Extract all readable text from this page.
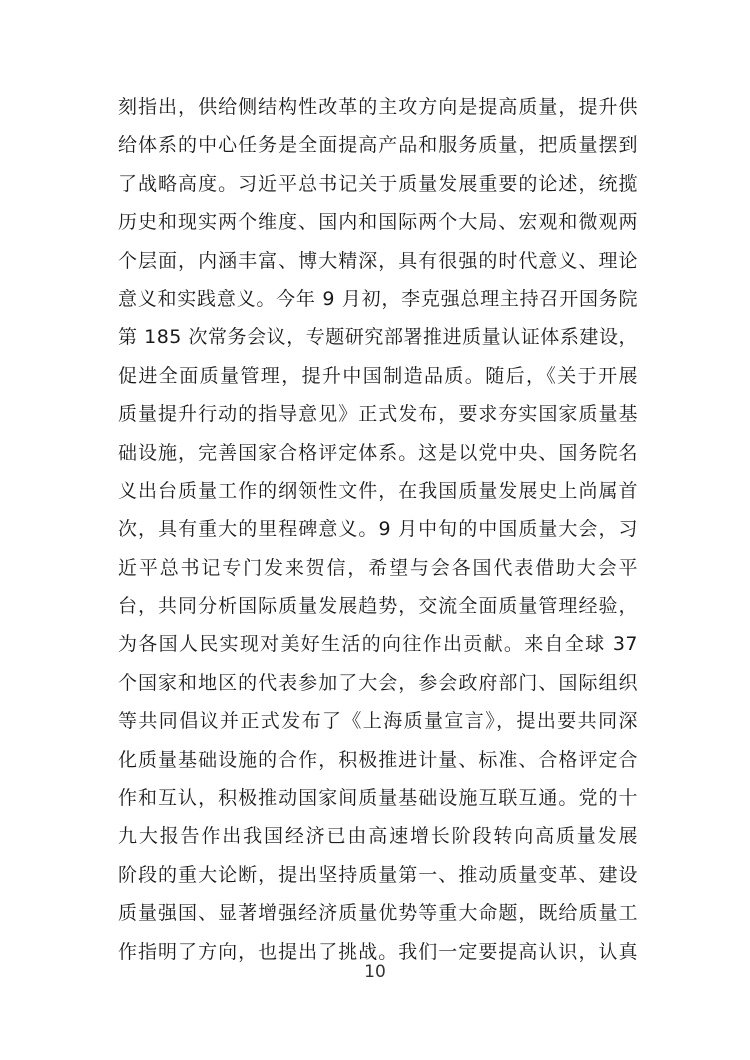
刻指出，供给侧结构性改革的主攻方向是提高质量，提升供
给体系的中心任务是全面提高产品和服务质量，把质量摆到
了战略高度。习近平总书记关于质量发展重要的论述，统揽
历史和现实两个维度、国内和国际两个大局、宏观和微观两
个层面，内涵丰富、博大精深，具有很强的时代意义、理论
意义和实践意义。今年 9 月初，李克强总理主持召开国务院
第 185 次常务会议，专题研究部署推进质量认证体系建设，
促进全面质量管理，提升中国制造品质。随后，《关于开展
质量提升行动的指导意见》正式发布，要求夯实国家质量基
础设施，完善国家合格评定体系。这是以党中央、国务院名
义出台质量工作的纲领性文件，在我国质量发展史上尚属首
次，具有重大的里程碑意义。9 月中旬的中国质量大会，习
近平总书记专门发来贺信，希望与会各国代表借助大会平
台，共同分析国际质量发展趋势，交流全面质量管理经验，
为各国人民实现对美好生活的向往作出贡献。来自全球 37
个国家和地区的代表参加了大会，参会政府部门、国际组织
等共同倡议并正式发布了《上海质量宣言》，提出要共同深
化质量基础设施的合作，积极推进计量、标准、合格评定合
作和互认，积极推动国家间质量基础设施互联互通。党的十
九大报告作出我国经济已由高速增长阶段转向高质量发展
阶段的重大论断，提出坚持质量第一、推动质量变革、建设
质量强国、显著增强经济质量优势等重大命题，既给质量工
作指明了方向，也提出了挑战。我们一定要提高认识，认真
10
